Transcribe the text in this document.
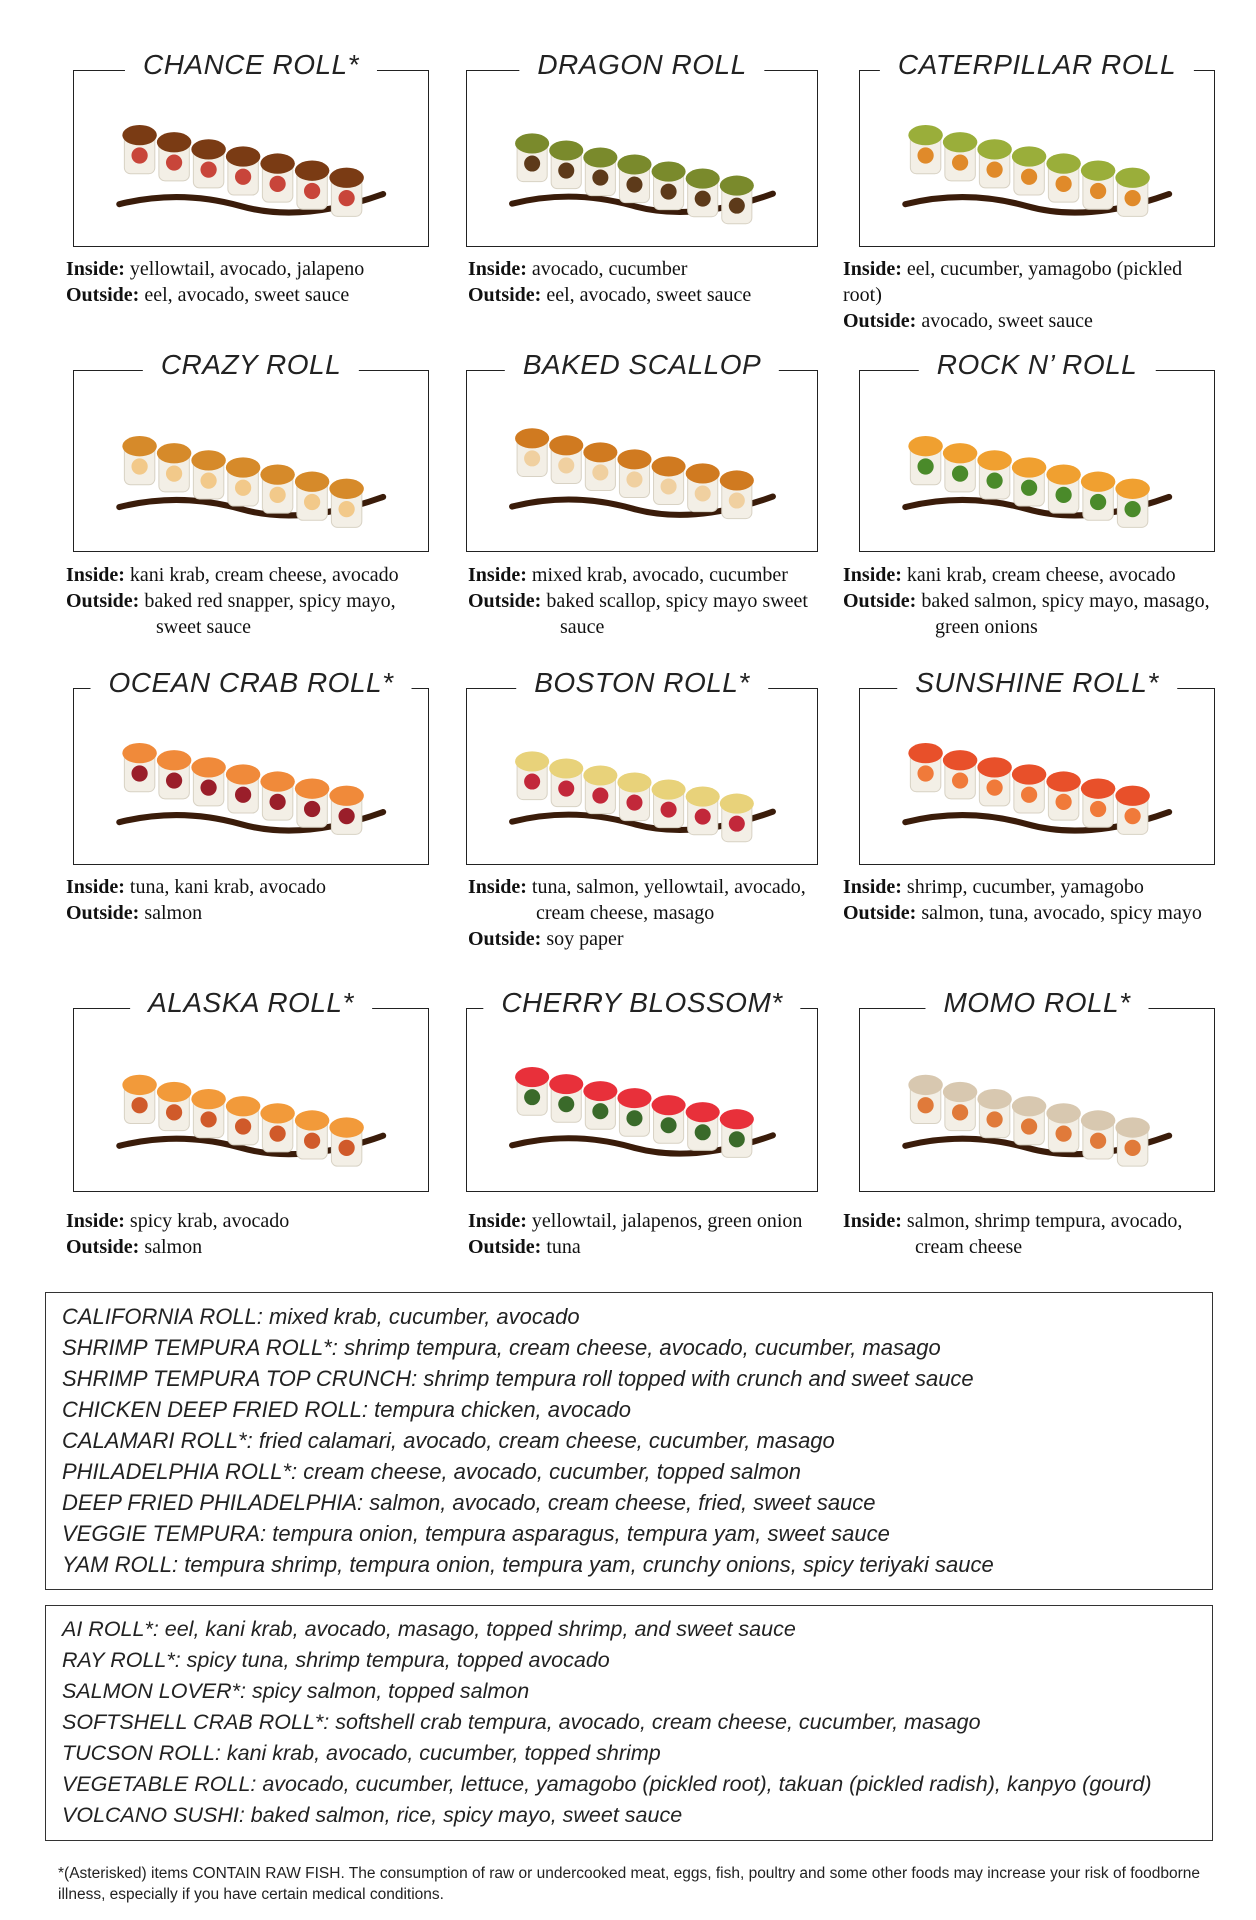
CHANCE ROLL*
Inside: yellowtail, avocado, jalapeno
Outside: eel, avocado, sweet sauce
DRAGON ROLL
Inside: avocado, cucumber
Outside: eel, avocado, sweet sauce
CATERPILLAR ROLL
Inside: eel, cucumber, yamagobo (pickled root)
Outside: avocado, sweet sauce
CRAZY ROLL
Inside: kani krab, cream cheese, avocado
Outside: baked red snapper, spicy mayo, sweet sauce
BAKED SCALLOP
Inside: mixed krab, avocado, cucumber
Outside: baked scallop, spicy mayo sweet sauce
ROCK N’ ROLL
Inside: kani krab, cream cheese, avocado
Outside: baked salmon, spicy mayo, masago, green onions
OCEAN CRAB ROLL*
Inside: tuna, kani krab, avocado
Outside: salmon
BOSTON ROLL*
Inside: tuna, salmon, yellowtail, avocado, cream cheese, masago
Outside: soy paper
SUNSHINE ROLL*
Inside: shrimp, cucumber, yamagobo
Outside: salmon, tuna, avocado, spicy mayo
ALASKA ROLL*
Inside: spicy krab, avocado
Outside: salmon
CHERRY BLOSSOM*
Inside: yellowtail, jalapenos, green onion
Outside: tuna
MOMO ROLL*
Inside: salmon, shrimp tempura, avocado, cream cheese
CALIFORNIA ROLL: mixed krab, cucumber, avocado
SHRIMP TEMPURA ROLL*: shrimp tempura, cream cheese, avocado, cucumber, masago
SHRIMP TEMPURA TOP CRUNCH: shrimp tempura roll topped with crunch and sweet sauce
CHICKEN DEEP FRIED ROLL: tempura chicken, avocado
CALAMARI ROLL*: fried calamari, avocado, cream cheese, cucumber, masago
PHILADELPHIA ROLL*: cream cheese, avocado, cucumber, topped salmon
DEEP FRIED PHILADELPHIA: salmon, avocado, cream cheese, fried, sweet sauce
VEGGIE TEMPURA: tempura onion, tempura asparagus, tempura yam, sweet sauce
YAM ROLL: tempura shrimp, tempura onion, tempura yam, crunchy onions, spicy teriyaki sauce
AI ROLL*: eel, kani krab, avocado, masago, topped shrimp, and sweet sauce
RAY ROLL*: spicy tuna, shrimp tempura, topped avocado
SALMON LOVER*: spicy salmon, topped salmon
SOFTSHELL CRAB ROLL*: softshell crab tempura, avocado, cream cheese, cucumber, masago
TUCSON ROLL: kani krab, avocado, cucumber, topped shrimp
VEGETABLE ROLL: avocado, cucumber, lettuce, yamagobo (pickled root), takuan (pickled radish), kanpyo (gourd)
VOLCANO SUSHI: baked salmon, rice, spicy mayo, sweet sauce
*(Asterisked) items CONTAIN RAW FISH. The consumption of raw or undercooked meat, eggs, fish, poultry and some other foods may increase your risk of foodborne illness, especially if you have certain medical conditions.
